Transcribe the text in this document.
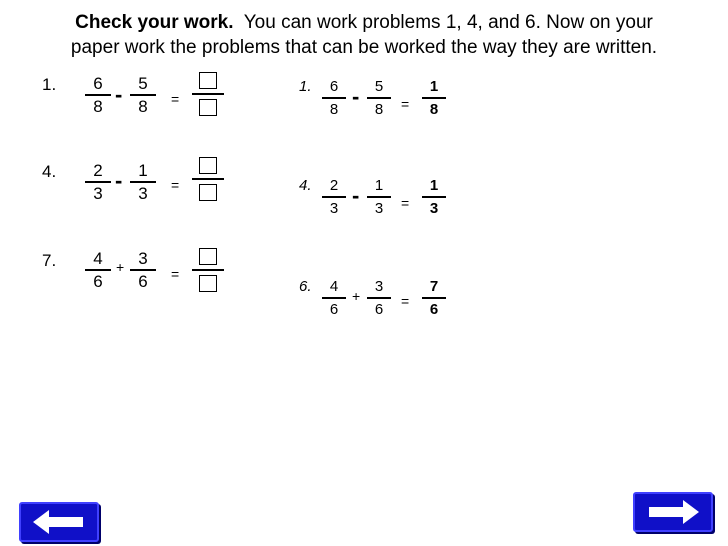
Check your work. You can work problems 1, 4, and 6. Now on your
paper work the problems that can be worked the way they are written.
1.	6
8 - 5
8	=
4.	2
3
- 1
3	=
7.	4
6
+ 3
6	=
1.	6
8
-	5
8	=
1
8
4.	2
3
-	1
3	=
1
3
6.	4
6
+
3
6	=
7
6
